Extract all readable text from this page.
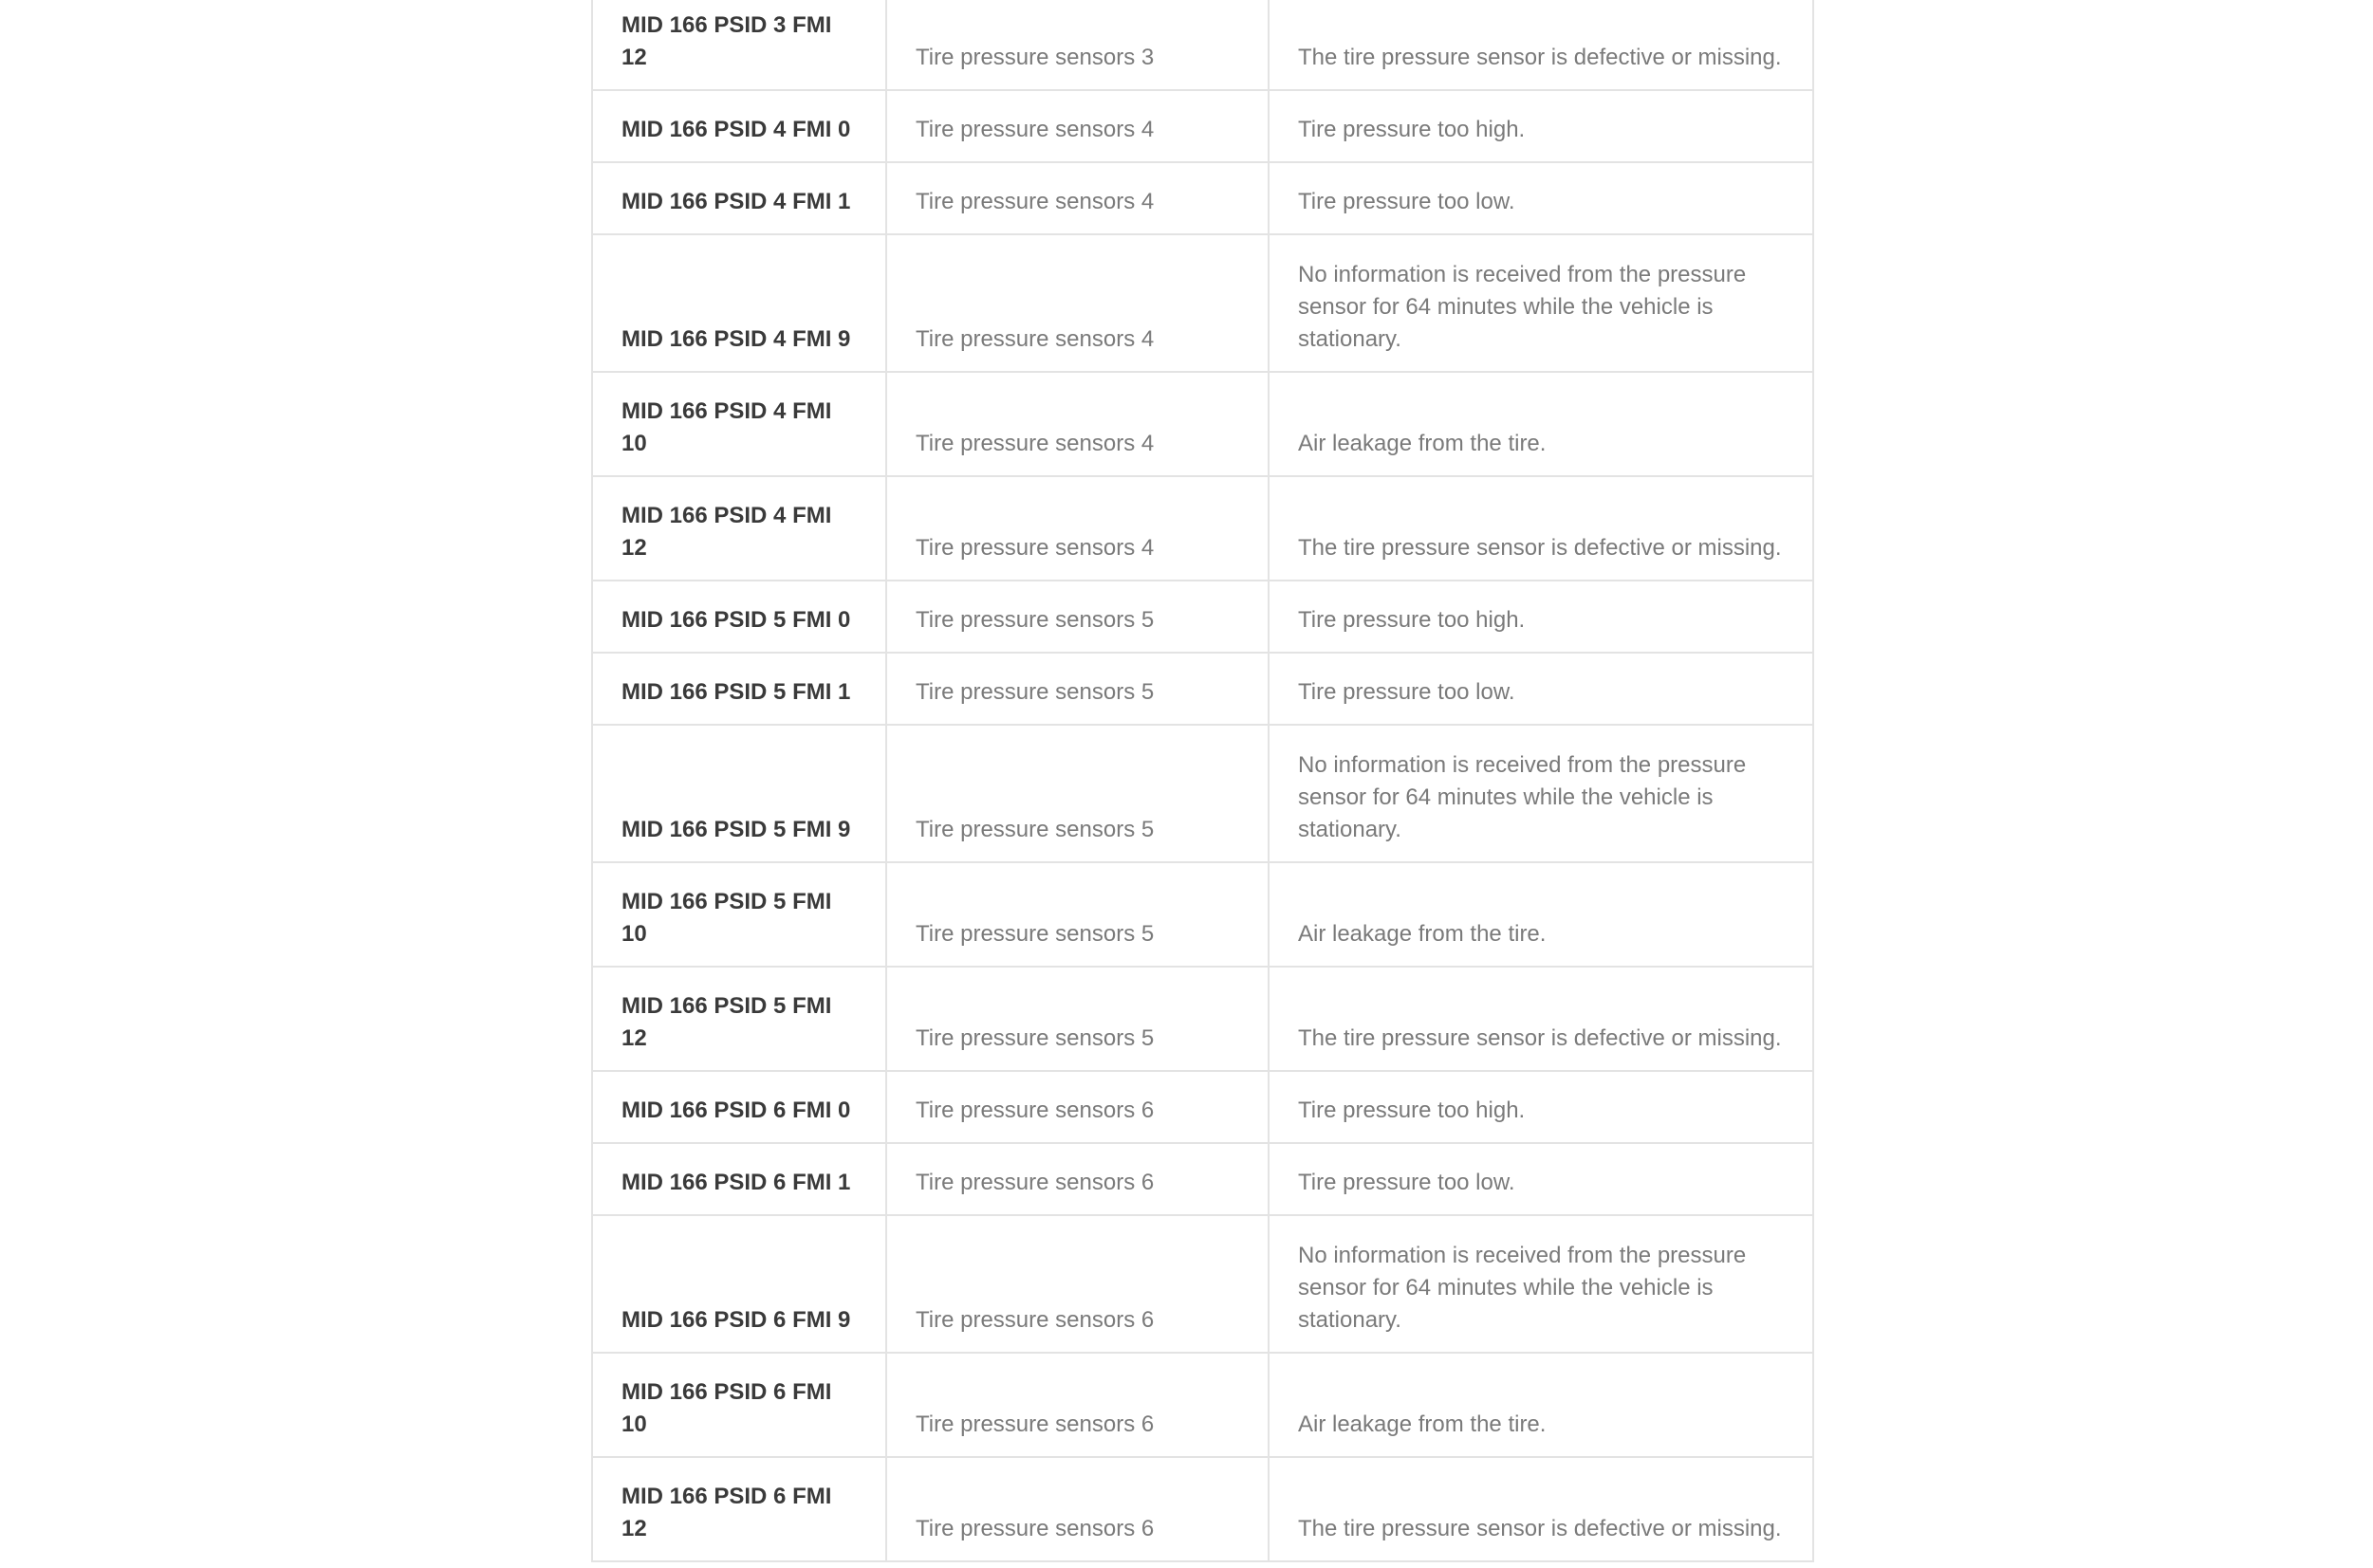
MID 166 PSID 3 FMI 12	Tire pressure sensors 3	The tire pressure sensor is defective or missing.
MID 166 PSID 4 FMI 0	Tire pressure sensors 4	Tire pressure too high.
MID 166 PSID 4 FMI 1	Tire pressure sensors 4	Tire pressure too low.
MID 166 PSID 4 FMI 9	Tire pressure sensors 4	No information is received from the pressure sensor for 64 minutes while the vehicle is stationary.
MID 166 PSID 4 FMI 10	Tire pressure sensors 4	Air leakage from the tire.
MID 166 PSID 4 FMI 12	Tire pressure sensors 4	The tire pressure sensor is defective or missing.
MID 166 PSID 5 FMI 0	Tire pressure sensors 5	Tire pressure too high.
MID 166 PSID 5 FMI 1	Tire pressure sensors 5	Tire pressure too low.
MID 166 PSID 5 FMI 9	Tire pressure sensors 5	No information is received from the pressure sensor for 64 minutes while the vehicle is stationary.
MID 166 PSID 5 FMI 10	Tire pressure sensors 5	Air leakage from the tire.
MID 166 PSID 5 FMI 12	Tire pressure sensors 5	The tire pressure sensor is defective or missing.
MID 166 PSID 6 FMI 0	Tire pressure sensors 6	Tire pressure too high.
MID 166 PSID 6 FMI 1	Tire pressure sensors 6	Tire pressure too low.
MID 166 PSID 6 FMI 9	Tire pressure sensors 6	No information is received from the pressure sensor for 64 minutes while the vehicle is stationary.
MID 166 PSID 6 FMI 10	Tire pressure sensors 6	Air leakage from the tire.
MID 166 PSID 6 FMI 12	Tire pressure sensors 6	The tire pressure sensor is defective or missing.
